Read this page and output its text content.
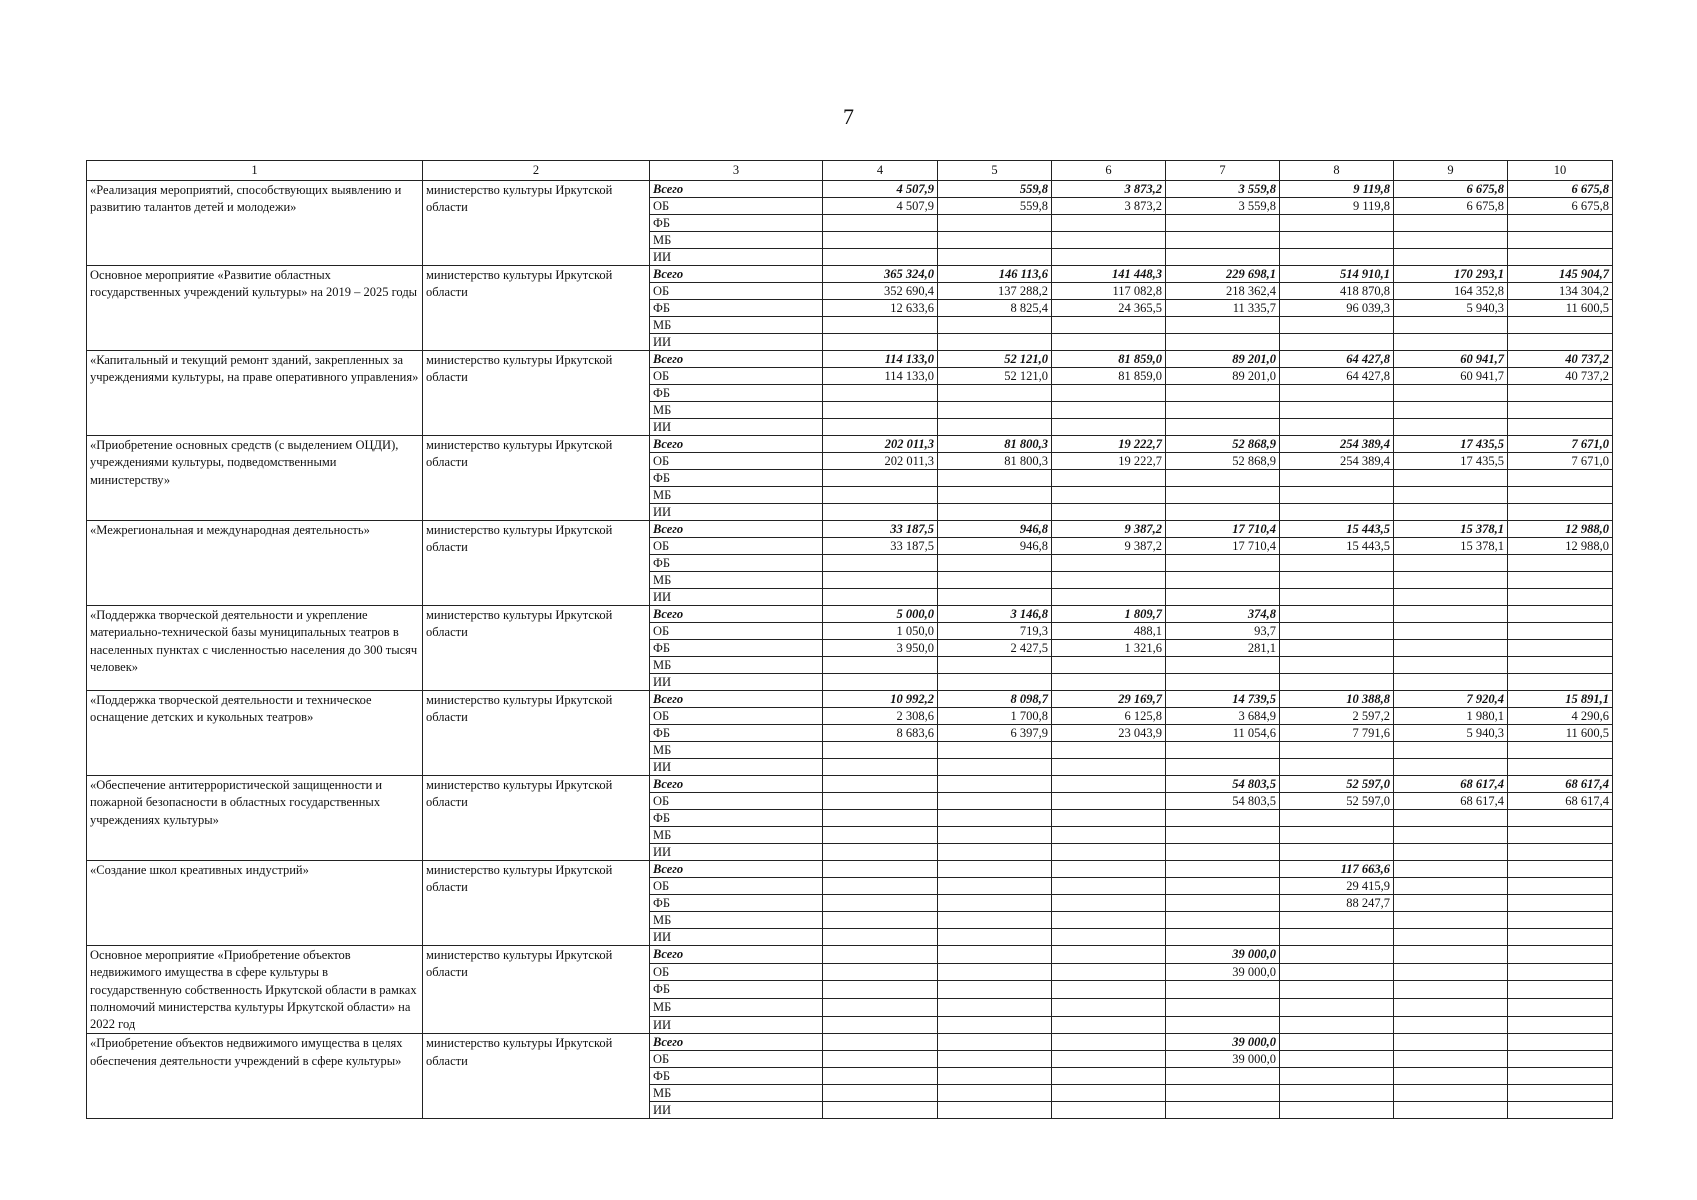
7
1	2	3	4	5	6	7	8	9	10
«Реализация мероприятий, способствующих выявлению и развитию талантов детей и молодежи»	министерство культуры Иркутской области	Всего	4 507,9	559,8	3 873,2	3 559,8	9 119,8	6 675,8	6 675,8
		ОБ	4 507,9	559,8	3 873,2	3 559,8	9 119,8	6 675,8	6 675,8
		ФБ							
		МБ							
		ИИ							
Основное мероприятие «Развитие областных государственных учреждений культуры» на 2019 – 2025 годы	министерство культуры Иркутской области	Всего	365 324,0	146 113,6	141 448,3	229 698,1	514 910,1	170 293,1	145 904,7
		ОБ	352 690,4	137 288,2	117 082,8	218 362,4	418 870,8	164 352,8	134 304,2
		ФБ	12 633,6	8 825,4	24 365,5	11 335,7	96 039,3	5 940,3	11 600,5
		МБ							
		ИИ							
«Капитальный и текущий ремонт зданий, закрепленных за учреждениями культуры, на праве оперативного управления»	министерство культуры Иркутской области	Всего	114 133,0	52 121,0	81 859,0	89 201,0	64 427,8	60 941,7	40 737,2
		ОБ	114 133,0	52 121,0	81 859,0	89 201,0	64 427,8	60 941,7	40 737,2
		ФБ							
		МБ							
		ИИ							
«Приобретение основных средств (с выделением ОЦДИ), учреждениями культуры, подведомственными министерству»	министерство культуры Иркутской области	Всего	202 011,3	81 800,3	19 222,7	52 868,9	254 389,4	17 435,5	7 671,0
		ОБ	202 011,3	81 800,3	19 222,7	52 868,9	254 389,4	17 435,5	7 671,0
		ФБ							
		МБ							
		ИИ							
«Межрегиональная и международная деятельность»	министерство культуры Иркутской области	Всего	33 187,5	946,8	9 387,2	17 710,4	15 443,5	15 378,1	12 988,0
		ОБ	33 187,5	946,8	9 387,2	17 710,4	15 443,5	15 378,1	12 988,0
		ФБ							
		МБ							
		ИИ							
«Поддержка творческой деятельности и укрепление материально-технической базы муниципальных театров в населенных пунктах с численностью населения до 300 тысяч человек»	министерство культуры Иркутской области	Всего	5 000,0	3 146,8	1 809,7	374,8			
		ОБ	1 050,0	719,3	488,1	93,7			
		ФБ	3 950,0	2 427,5	1 321,6	281,1			
		МБ							
		ИИ							
«Поддержка творческой деятельности и техническое оснащение детских и кукольных театров»	министерство культуры Иркутской области	Всего	10 992,2	8 098,7	29 169,7	14 739,5	10 388,8	7 920,4	15 891,1
		ОБ	2 308,6	1 700,8	6 125,8	3 684,9	2 597,2	1 980,1	4 290,6
		ФБ	8 683,6	6 397,9	23 043,9	11 054,6	7 791,6	5 940,3	11 600,5
		МБ							
		ИИ							
«Обеспечение антитеррористической защищенности и пожарной безопасности в областных государственных учреждениях культуры»	министерство культуры Иркутской области	Всего				54 803,5	52 597,0	68 617,4	68 617,4
		ОБ				54 803,5	52 597,0	68 617,4	68 617,4
		ФБ							
		МБ							
		ИИ							
«Создание школ креативных индустрий»	министерство культуры Иркутской области	Всего					117 663,6		
		ОБ					29 415,9		
		ФБ					88 247,7		
		МБ							
		ИИ							
Основное мероприятие «Приобретение объектов недвижимого имущества в сфере культуры в государственную собственность Иркутской области в рамках полномочий министерства культуры Иркутской области» на 2022 год	министерство культуры Иркутской области	Всего				39 000,0			
		ОБ				39 000,0			
		ФБ							
		МБ							
		ИИ							
«Приобретение объектов недвижимого имущества в целях обеспечения деятельности учреждений в сфере культуры»	министерство культуры Иркутской области	Всего				39 000,0			
		ОБ				39 000,0			
		ФБ							
		МБ							
		ИИ							
